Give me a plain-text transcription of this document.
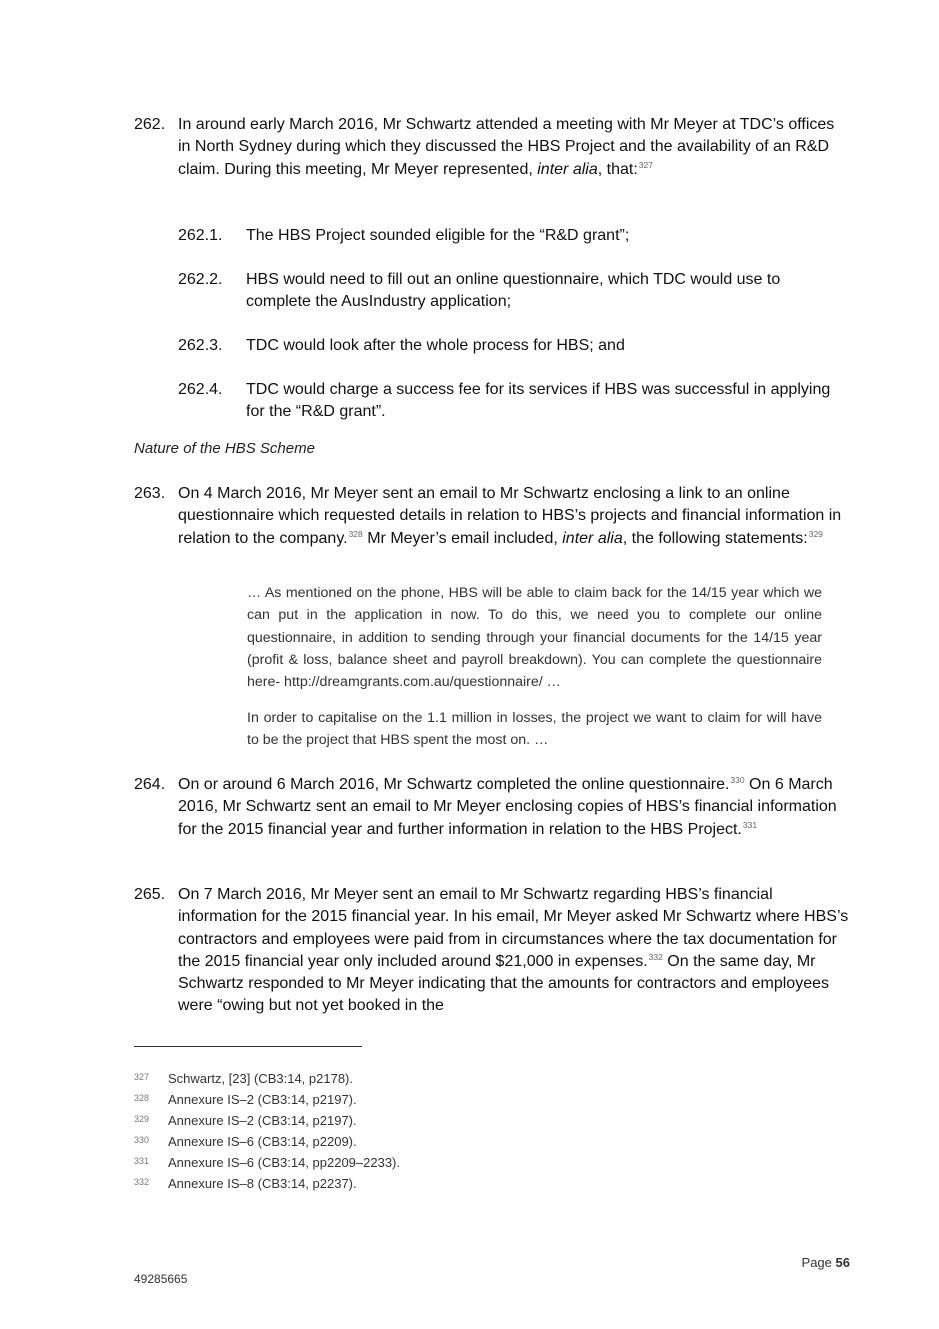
262. In around early March 2016, Mr Schwartz attended a meeting with Mr Meyer at TDC’s offices in North Sydney during which they discussed the HBS Project and the availability of an R&D claim. During this meeting, Mr Meyer represented, inter alia, that:$^{327}$
262.1. The HBS Project sounded eligible for the “R&D grant”;
262.2. HBS would need to fill out an online questionnaire, which TDC would use to complete the AusIndustry application;
262.3. TDC would look after the whole process for HBS; and
262.4. TDC would charge a success fee for its services if HBS was successful in applying for the “R&D grant”.
Nature of the HBS Scheme
263. On 4 March 2016, Mr Meyer sent an email to Mr Schwartz enclosing a link to an online questionnaire which requested details in relation to HBS’s projects and financial information in relation to the company.$^{328}$ Mr Meyer’s email included, inter alia, the following statements:$^{329}$
… As mentioned on the phone, HBS will be able to claim back for the 14/15 year which we can put in the application in now. To do this, we need you to complete our online questionnaire, in addition to sending through your financial documents for the 14/15 year (profit & loss, balance sheet and payroll breakdown). You can complete the questionnaire here- http://dreamgrants.com.au/questionnaire/ …
In order to capitalise on the 1.1 million in losses, the project we want to claim for will have to be the project that HBS spent the most on. …
264. On or around 6 March 2016, Mr Schwartz completed the online questionnaire.$^{330}$ On 6 March 2016, Mr Schwartz sent an email to Mr Meyer enclosing copies of HBS’s financial information for the 2015 financial year and further information in relation to the HBS Project.$^{331}$
265. On 7 March 2016, Mr Meyer sent an email to Mr Schwartz regarding HBS’s financial information for the 2015 financial year. In his email, Mr Meyer asked Mr Schwartz where HBS’s contractors and employees were paid from in circumstances where the tax documentation for the 2015 financial year only included around $21,000 in expenses.$^{332}$ On the same day, Mr Schwartz responded to Mr Meyer indicating that the amounts for contractors and employees were “owing but not yet booked in the
327 Schwartz, [23] (CB3:14, p2178).
328 Annexure IS–2 (CB3:14, p2197).
329 Annexure IS–2 (CB3:14, p2197).
330 Annexure IS–6 (CB3:14, p2209).
331 Annexure IS–6 (CB3:14, pp2209–2233).
332 Annexure IS–8 (CB3:14, p2237).
Page 56
49285665
